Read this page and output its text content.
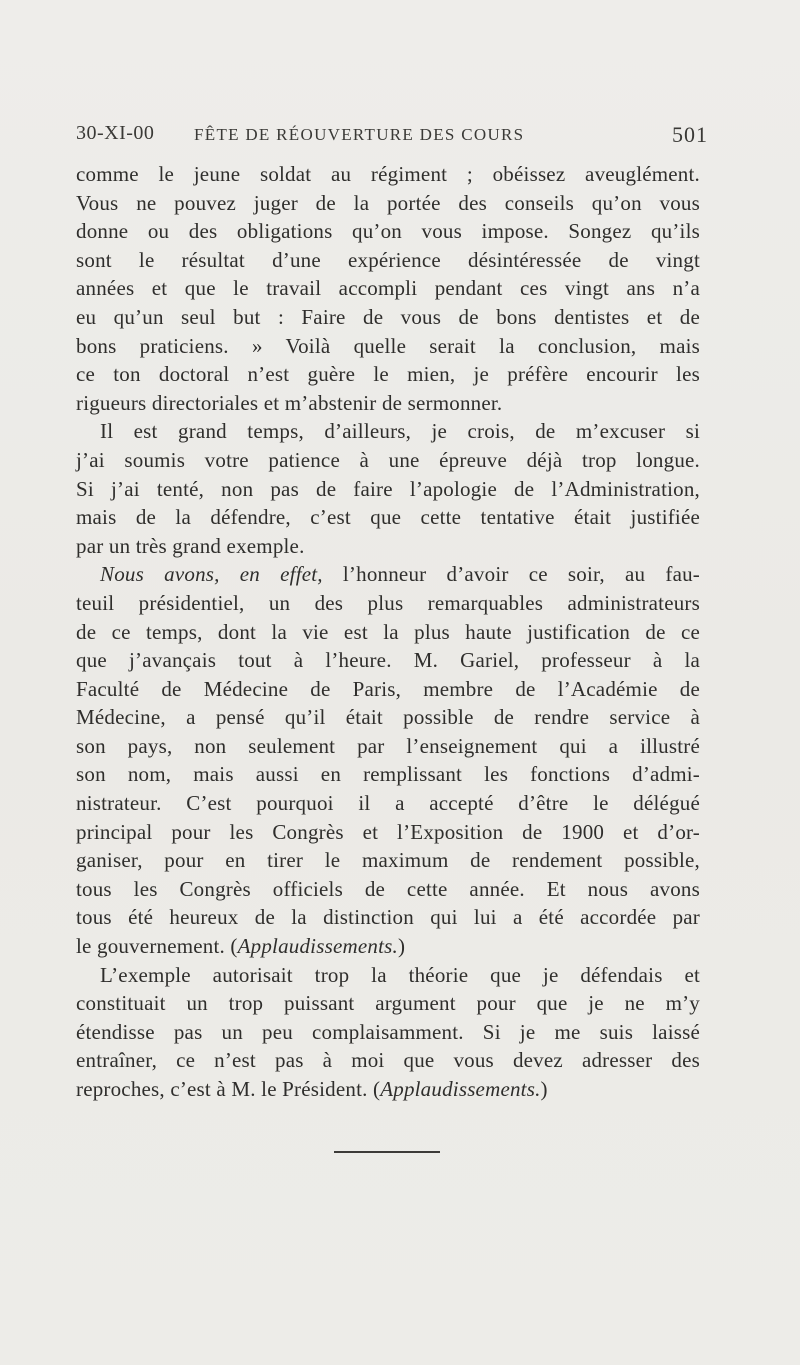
30-XI-00 FÊTE DE RÉOUVERTURE DES COURS	501
comme le jeune soldat au régiment ; obéissez aveuglément.
Vous ne pouvez juger de la portée des conseils qu’on vous
donne ou des obligations qu’on vous impose. Songez qu’ils
sont le résultat d’une expérience désintéressée de vingt
années et que le travail accompli pendant ces vingt ans n’a
eu qu’un seul but : Faire de vous de bons dentistes et de
bons praticiens. » Voilà quelle serait la conclusion, mais
ce ton doctoral n’est guère le mien, je préfère encourir les
rigueurs directoriales et m’abstenir de sermonner.
Il est grand temps, d’ailleurs, je crois, de m’excuser si
j’ai soumis votre patience à une épreuve déjà trop longue.
Si j’ai tenté, non pas de faire l’apologie de l’Administration,
mais de la défendre, c’est que cette tentative était justifiée
par un très grand exemple.
Nous avons, en effet, l’honneur d’avoir ce soir, au fau-
teuil présidentiel, un des plus remarquables administrateurs
de ce temps, dont la vie est la plus haute justification de ce
que j’avançais tout à l’heure. M. Gariel, professeur à la
Faculté de Médecine de Paris, membre de l’Académie de
Médecine, a pensé qu’il était possible de rendre service à
son pays, non seulement par l’enseignement qui a illustré
son nom, mais aussi en remplissant les fonctions d’admi-
nistrateur. C’est pourquoi il a accepté d’être le délégué
principal pour les Congrès et l’Exposition de 1900 et d’or-
ganiser, pour en tirer le maximum de rendement possible,
tous les Congrès officiels de cette année. Et nous avons
tous été heureux de la distinction qui lui a été accordée par
le gouvernement. (Applaudissements.)
L’exemple autorisait trop la théorie que je défendais et
constituait un trop puissant argument pour que je ne m’y
étendisse pas un peu complaisamment. Si je me suis laissé
entraîner, ce n’est pas à moi que vous devez adresser des
reproches, c’est à M. le Président. (Applaudissements.)
